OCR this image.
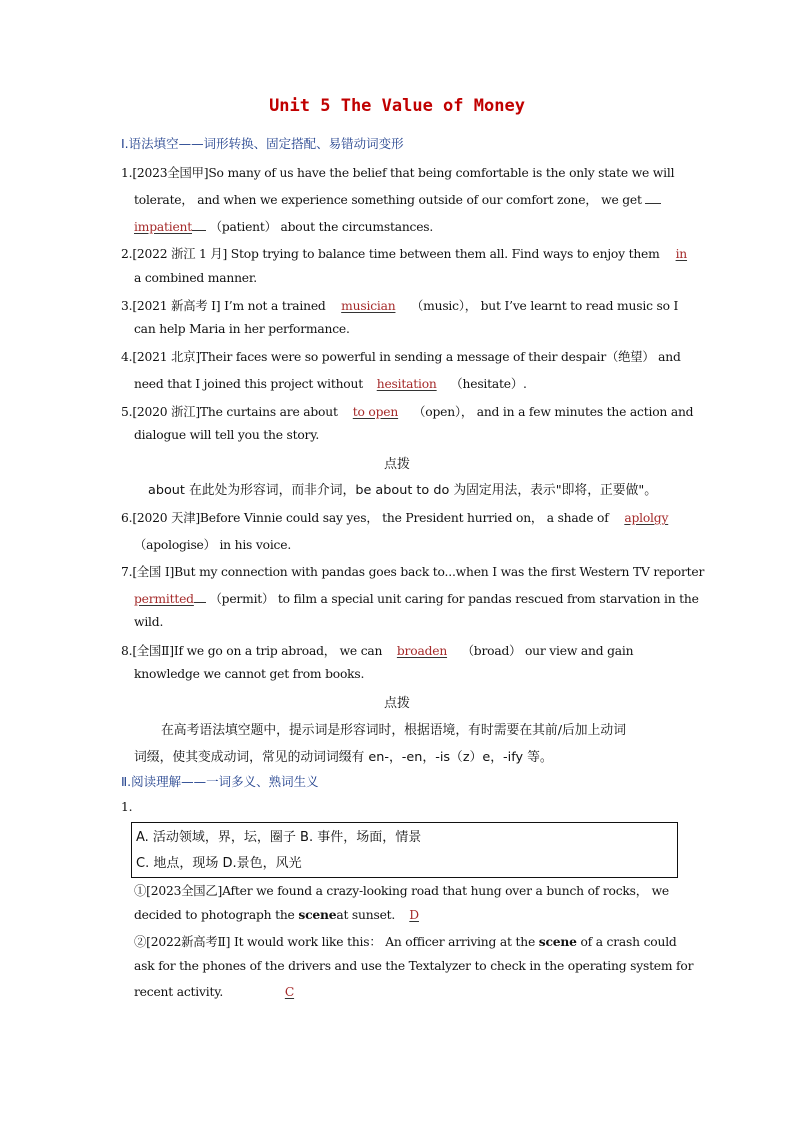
Unit 5 The Value of Money
Ⅰ.语法填空——词形转换、固定搭配、易错动词变形
1.[2023全国甲]So many of us have the belief that being comfortable is the only state we will
tolerate， and when we experience something outside of our comfort zone， we get
impatient （patient） about the circumstances.
2.[2022 浙江 1 月] Stop trying to balance time between them all. Find ways to enjoy them in
a combined manner.
3.[2021 新高考 Ⅰ] I’m not a trained musician （music）， but I’ve learnt to read music so I
can help Maria in her performance.
4.[2021 北京]Their faces were so powerful in sending a message of their despair（绝望） and
need that I joined this project without hesitation （hesitate）.
5.[2020 浙江]The curtains are about to open （open）， and in a few minutes the action and
dialogue will tell you the story.
点拨
about 在此处为形容词，而非介词，be about to do 为固定用法，表示"即将，正要做"。
6.[2020 天津]Before Vinnie could say yes， the President hurried on， a shade of aplolgy
（apologise） in his voice.
7.[全国 Ⅰ]But my connection with pandas goes back to...when I was the first Western TV reporter
permitted （permit） to film a special unit caring for pandas rescued from starvation in the
wild.
8.[全国Ⅱ]If we go on a trip abroad， we can broaden （broad） our view and gain
knowledge we cannot get from books.
点拨
在高考语法填空题中，提示词是形容词时，根据语境，有时需要在其前/后加上动词
词缀，使其变成动词，常见的动词词缀有 en-，-en，-is（z）e，-ify 等。
Ⅱ.阅读理解——一词多义、熟词生义
1.
A. 活动领域，界，坛，圈子 B. 事件，场面，情景
C. 地点，现场 D.景色，风光
①[2023全国乙]After we found a crazy-looking road that hung over a bunch of rocks， we
decided to photograph the sceneat sunset. D
②[2022新高考Ⅱ] It would work like this： An officer arriving at the scene of a crash could
ask for the phones of the drivers and use the Textalyzer to check in the operating system for
recent activity.	C
